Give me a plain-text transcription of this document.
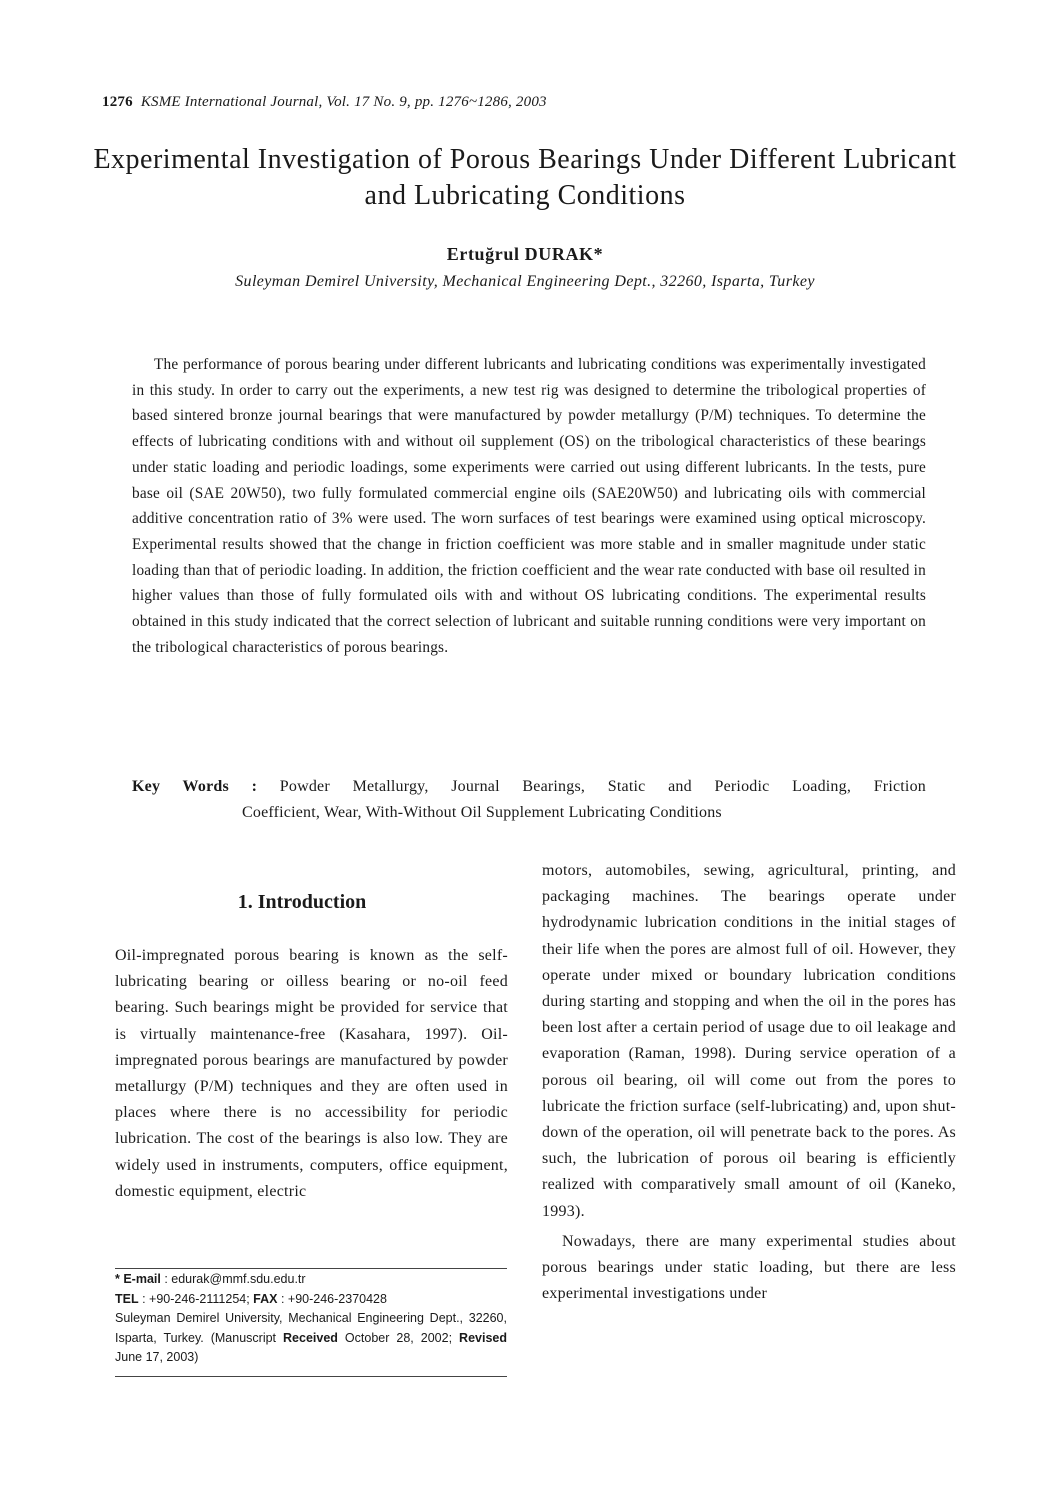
1276 KSME International Journal, Vol. 17 No. 9, pp. 1276~1286, 2003
Experimental Investigation of Porous Bearings Under Different Lubricant and Lubricating Conditions
Ertuğrul DURAK*
Suleyman Demirel University, Mechanical Engineering Dept., 32260, Isparta, Turkey

The performance of porous bearing under different lubricants and lubricating conditions was experimentally investigated in this study. In order to carry out the experiments, a new test rig was designed to determine the tribological properties of based sintered bronze journal bearings that were manufactured by powder metallurgy (P/M) techniques. To determine the effects of lubricating conditions with and without oil supplement (OS) on the tribological characteristics of these bearings under static loading and periodic loadings, some experiments were carried out using different lubricants. In the tests, pure base oil (SAE 20W50), two fully formulated commercial engine oils (SAE20W50) and lubricating oils with commercial additive concentration ratio of 3% were used. The worn surfaces of test bearings were examined using optical microscopy. Experimental results showed that the change in friction coefficient was more stable and in smaller magnitude under static loading than that of periodic loading. In addition, the friction coefficient and the wear rate conducted with base oil resulted in higher values than those of fully formulated oils with and without OS lubricating conditions. The experimental results obtained in this study indicated that the correct selection of lubricant and suitable running conditions were very important on the tribological characteristics of porous bearings.

Key Words : Powder Metallurgy, Journal Bearings, Static and Periodic Loading, Friction
Coefficient, Wear, With-Without Oil Supplement Lubricating Conditions
1. Introduction

Oil-impregnated porous bearing is known as the self-lubricating bearing or oilless bearing or no-oil feed bearing. Such bearings might be provided for service that is virtually maintenance-free (Kasahara, 1997). Oil-impregnated porous bearings are manufactured by powder metallurgy (P/M) techniques and they are often used in places where there is no accessibility for periodic lubrication. The cost of the bearings is also low. They are widely used in instruments, computers, office equipment, domestic equipment, electric

motors, automobiles, sewing, agricultural, printing, and packaging machines. The bearings operate under hydrodynamic lubrication conditions in the initial stages of their life when the pores are almost full of oil. However, they operate under mixed or boundary lubrication conditions during starting and stopping and when the oil in the pores has been lost after a certain period of usage due to oil leakage and evaporation (Raman, 1998). During service operation of a porous oil bearing, oil will come out from the pores to lubricate the friction surface (self-lubricating) and, upon shut-down of the operation, oil will penetrate back to the pores. As such, the lubrication of porous oil bearing is efficiently realized with comparatively small amount of oil (Kaneko, 1993).

Nowadays, there are many experimental studies about porous bearings under static loading, but there are less experimental investigations under

* E-mail : edurak@mmf.sdu.edu.tr
TEL : +90-246-2111254; FAX : +90-246-2370428
Suleyman Demirel University, Mechanical Engineering Dept., 32260, Isparta, Turkey. (Manuscript Received October 28, 2002; Revised June 17, 2003)
